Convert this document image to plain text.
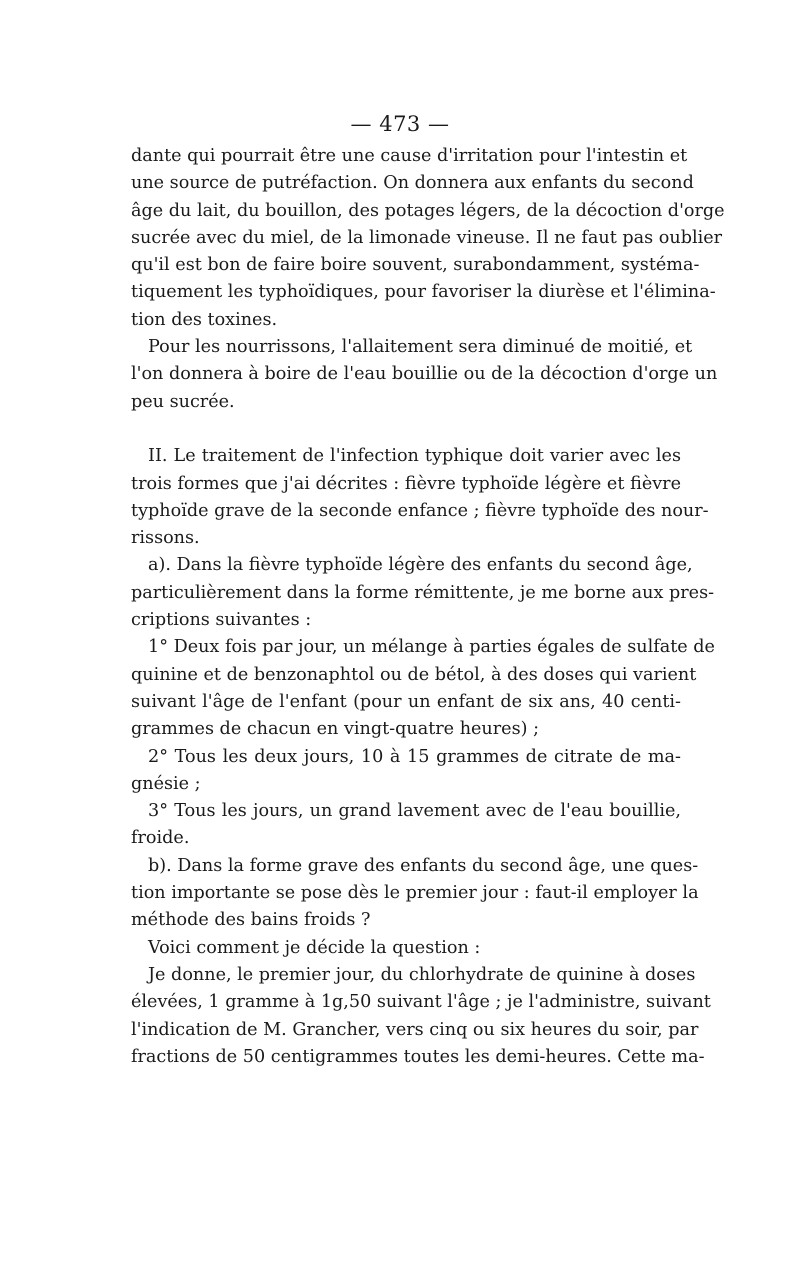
— 473 —
dante qui pourrait être une cause d'irritation pour l'intestin et
une source de putréfaction. On donnera aux enfants du second
âge du lait, du bouillon, des potages légers, de la décoction d'orge
sucrée avec du miel, de la limonade vineuse. Il ne faut pas oublier
qu'il est bon de faire boire souvent, surabondamment, systéma-
tiquement les typhoïdiques, pour favoriser la diurèse et l'élimina-
tion des toxines.
Pour les nourrissons, l'allaitement sera diminué de moitié, et
l'on donnera à boire de l'eau bouillie ou de la décoction d'orge un
peu sucrée.
II. Le traitement de l'infection typhique doit varier avec les
trois formes que j'ai décrites : fièvre typhoïde légère et fièvre
typhoïde grave de la seconde enfance ; fièvre typhoïde des nour-
rissons.
a). Dans la fièvre typhoïde légère des enfants du second âge,
particulièrement dans la forme rémittente, je me borne aux pres-
criptions suivantes :
1° Deux fois par jour, un mélange à parties égales de sulfate de
quinine et de benzonaphtol ou de bétol, à des doses qui varient
suivant l'âge de l'enfant (pour un enfant de six ans, 40 centi-
grammes de chacun en vingt-quatre heures) ;
2° Tous les deux jours, 10 à 15 grammes de citrate de ma-
gnésie ;
3° Tous les jours, un grand lavement avec de l'eau bouillie,
froide.
b). Dans la forme grave des enfants du second âge, une ques-
tion importante se pose dès le premier jour : faut-il employer la
méthode des bains froids ?
Voici comment je décide la question :
Je donne, le premier jour, du chlorhydrate de quinine à doses
élevées, 1 gramme à 1g,50 suivant l'âge ; je l'administre, suivant
l'indication de M. Grancher, vers cinq ou six heures du soir, par
fractions de 50 centigrammes toutes les demi-heures. Cette ma-
